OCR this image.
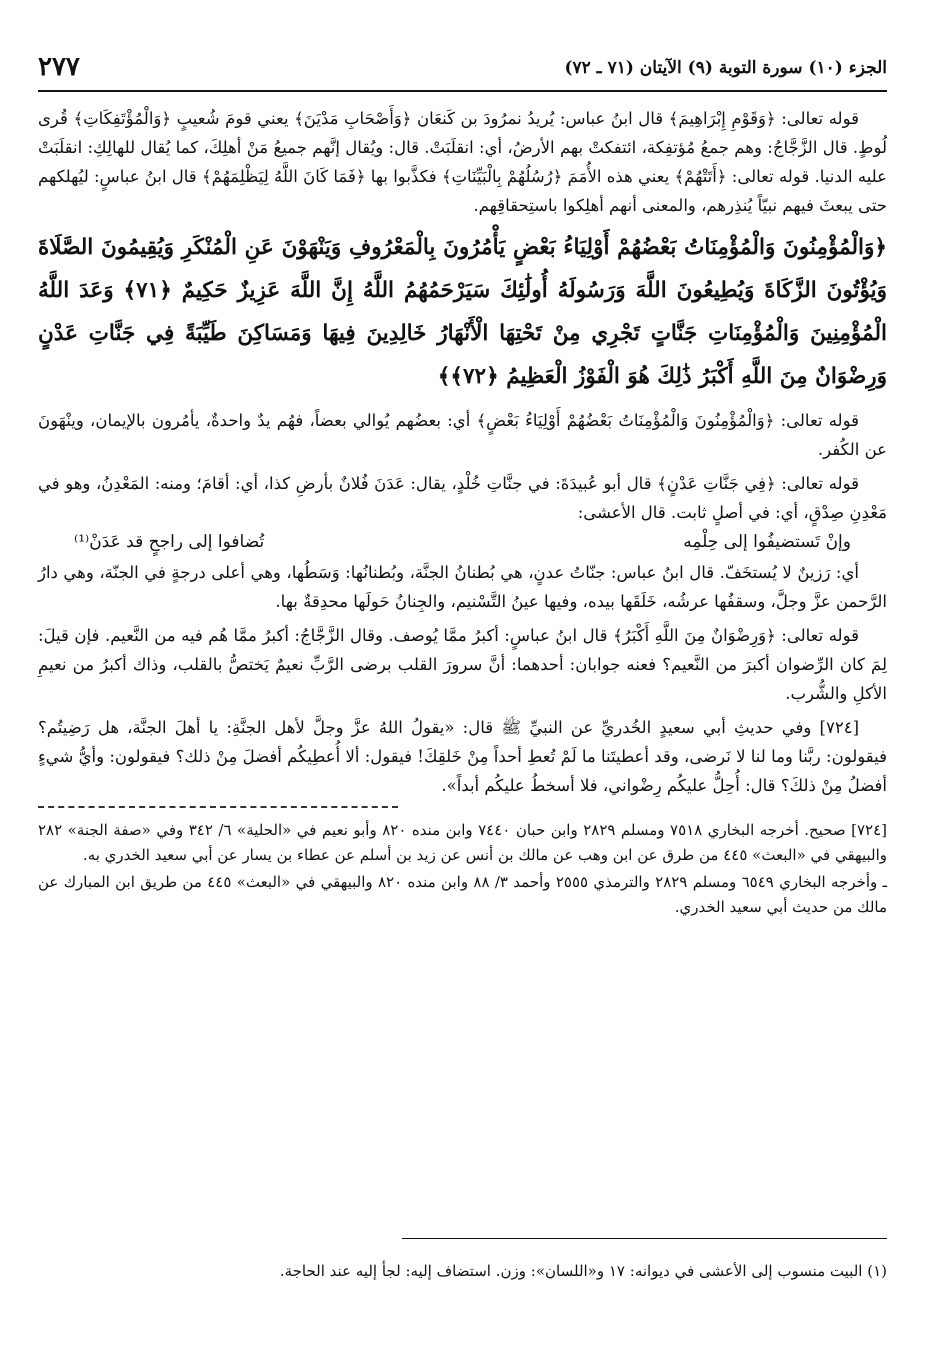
٢٧٧	الجزء (١٠) سورة التوبة (٩) الآيتان (٧١ ـ ٧٢)

قوله تعالى: ﴿وَقَوْمِ إِبْرَاهِيمَ﴾ قال ابنُ عباس: يُريدُ نمرُودَ بن كَنعَان ﴿وَأَصْحَابِ مَدْيَنَ﴾ يعني قومَ شُعيبٍ ﴿وَالْمُؤْتَفِكَاتِ﴾ قُرى لُوطٍ. قال الزَّجَّاجُ: وهم جمعُ مُؤتفِكة، ائتفكتْ بهم الأرضُ، أي: انقلَبَتْ. قال: ويُقال إنَّهم جميعُ مَنْ أهلِكَ، كما يُقال للهالِكِ: انقلَبَتْ عليه الدنيا. قوله تعالى: ﴿أَتَتْهُمْ﴾ يعني هذه الأُمَمَ ﴿رُسُلُهُمْ بِالْبَيِّنَاتِ﴾ فكذَّبوا بها ﴿فَمَا كَانَ اللَّهُ لِيَظْلِمَهُمْ﴾ قال ابنُ عباسٍ: ليُهلكهم حتى يبعثَ فيهم نبيّاً يُنذِرهم، والمعنى أنهم أهلِكوا باستِحقاقِهم.

﴿وَالْمُؤْمِنُونَ وَالْمُؤْمِنَاتُ بَعْضُهُمْ أَوْلِيَاءُ بَعْضٍ يَأْمُرُونَ بِالْمَعْرُوفِ وَيَنْهَوْنَ عَنِ الْمُنْكَرِ وَيُقِيمُونَ الصَّلَاةَ وَيُؤْتُونَ الزَّكَاةَ وَيُطِيعُونَ اللَّهَ وَرَسُولَهُ أُولَٰئِكَ سَيَرْحَمُهُمُ اللَّهُ إِنَّ اللَّهَ عَزِيزٌ حَكِيمٌ ﴿٧١﴾ وَعَدَ اللَّهُ الْمُؤْمِنِينَ وَالْمُؤْمِنَاتِ جَنَّاتٍ تَجْرِي مِنْ تَحْتِهَا الْأَنْهَارُ خَالِدِينَ فِيهَا وَمَسَاكِنَ طَيِّبَةً فِي جَنَّاتِ عَدْنٍ وَرِضْوَانٌ مِنَ اللَّهِ أَكْبَرُ ذَٰلِكَ هُوَ الْفَوْزُ الْعَظِيمُ ﴿٧٢﴾﴾

قوله تعالى: ﴿وَالْمُؤْمِنُونَ وَالْمُؤْمِنَاتُ بَعْضُهُمْ أَوْلِيَاءُ بَعْضٍ﴾ أي: بعضُهم يُوالي بعضاً، فهُم يدٌ واحدةٌ، يأمُرون بالإيمان، وينْهَونَ عن الكُفر.

قوله تعالى: ﴿فِي جَنَّاتِ عَدْنٍ﴾ قال أبو عُبيدَةَ: في جنَّاتِ خُلْدٍ، يقال: عَدَنَ فُلانٌ بأرضِ كذا، أي: أقامَ؛ ومنه: المَعْدِنُ، وهو في مَعْدِنِ صِدْقٍ، أي: في أصلٍ ثابت. قال الأعشى:

وإنْ تَستضيفُوا إلى حِلْمِه
تُضافوا إلى راجحٍ قد عَدَنْ⁽¹⁾

أي: رَزينٌ لا يُستخَفّ. قال ابنُ عباس: جنّاتُ عدنٍ، هي بُطنانُ الجنَّة، وبُطنانُها: وَسَطُها، وهي أعلى درجةٍ في الجنّة، وهي دارُ الرَّحمن عزَّ وجلَّ، وسقفُها عرشُه، خَلَقَها بيده، وفيها عينُ التَّسْنيم، والجِنانُ حَولَها محدِقةٌ بها.

قوله تعالى: ﴿وَرِضْوَانٌ مِنَ اللَّهِ أَكْبَرُ﴾ قال ابنُ عباسٍ: أكبرُ ممَّا يُوصف. وقال الزَّجَّاجُ: أكبرُ ممَّا هُم فيه من النَّعيم. فإن قيلَ: لِمَ كان الرِّضوان أكبرَ من النَّعيم؟ فعنه جوابان: أحدهما: أنَّ سرورَ القلب برضى الرَّبِّ نعيمٌ يَختصُّ بالقلب، وذاك أكبرُ من نعيمِ الأكلِ والشُّرب.

[٧٢٤] وفي حديثِ أبي سعيدٍ الخُدريِّ عن النبيِّ ﷺ قال: «يقولُ اللهُ عزَّ وجلَّ لأهل الجنَّةِ: يا أهلَ الجنَّة، هل رَضِيتُم؟ فيقولون: ربَّنا وما لنا لا نَرضى، وقد أعطيتَنا ما لَمْ تُعطِ أحداً مِنْ خَلقِكَ! فيقول: ألا أُعطِيكُم أفضلَ مِنْ ذلك؟ فيقولون: وأيُّ شيءٍ أفضلُ مِنْ ذلكَ؟ قال: أُحِلُّ عليكُم رِضْواني، فلا أسخطُ عليكُم أبداً».

[٧٢٤] صحيح. أخرجه البخاري ٧٥١٨ ومسلم ٢٨٢٩ وابن حبان ٧٤٤٠ وابن منده ٨٢٠ وأبو نعيم في «الحلية» ٦/ ٣٤٢ وفي «صفة الجنة» ٢٨٢ والبيهقي في «البعث» ٤٤٥ من طرق عن ابن وهب عن مالك بن أنس عن زيد بن أسلم عن عطاء بن يسار عن أبي سعيد الخدري به.

ـ وأخرجه البخاري ٦٥٤٩ ومسلم ٢٨٢٩ والترمذي ٢٥٥٥ وأحمد ٣/ ٨٨ وابن منده ٨٢٠ والبيهقي في «البعث» ٤٤٥ من طريق ابن المبارك عن مالك من حديث أبي سعيد الخدري.

(١) البيت منسوب إلى الأعشى في ديوانه: ١٧ و«اللسان»: وزن. استضاف إليه: لجأ إليه عند الحاجة.
